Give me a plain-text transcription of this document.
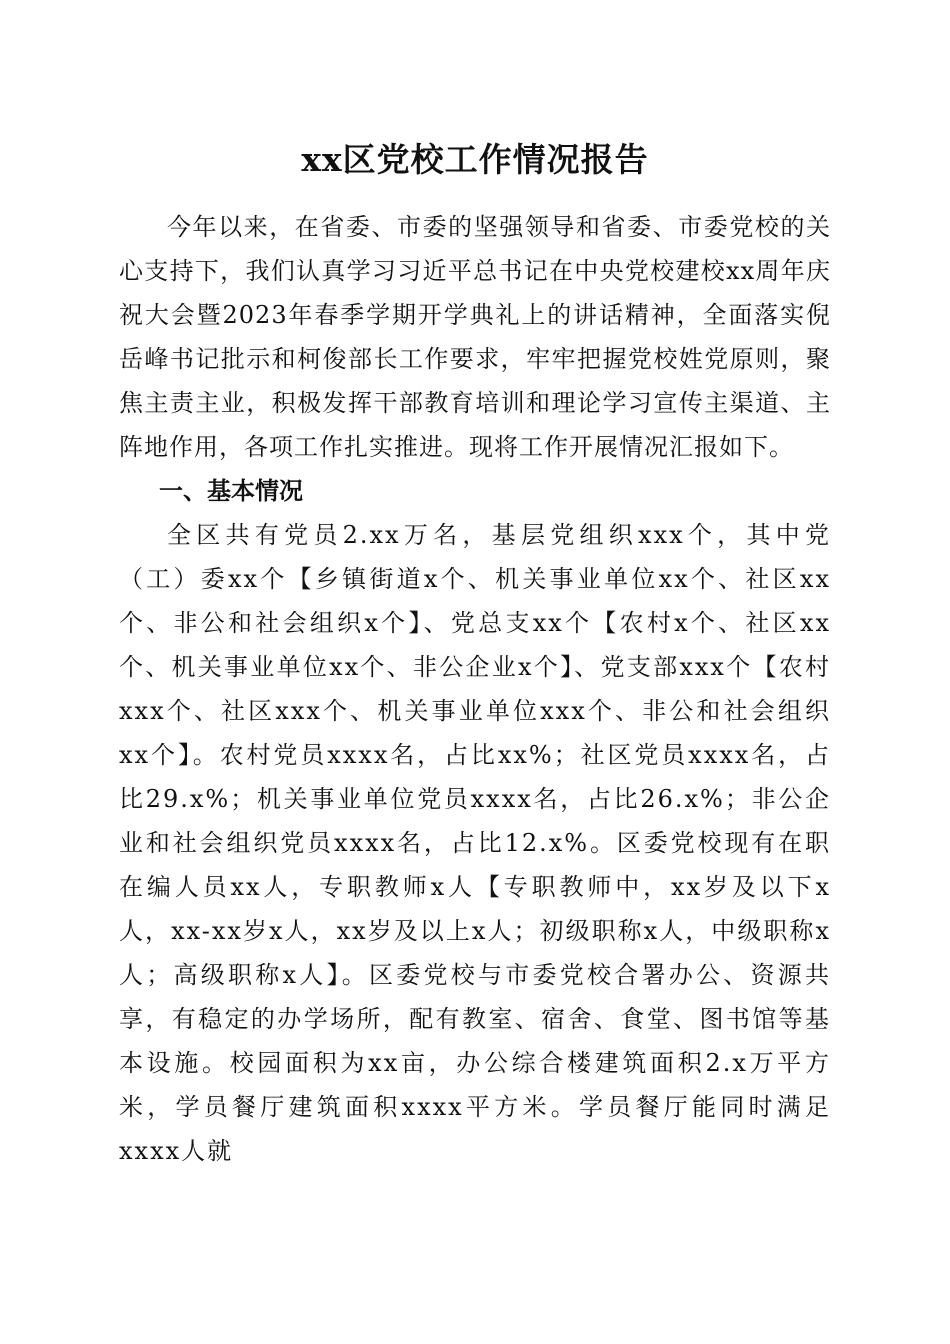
xx区党校工作情况报告

今年以来，在省委、市委的坚强领导和省委、市委党校的关心支持下，我们认真学习习近平总书记在中央党校建校xx周年庆祝大会暨2023年春季学期开学典礼上的讲话精神，全面落实倪岳峰书记批示和柯俊部长工作要求，牢牢把握党校姓党原则，聚焦主责主业，积极发挥干部教育培训和理论学习宣传主渠道、主阵地作用，各项工作扎实推进。现将工作开展情况汇报如下。

一、基本情况

全区共有党员2.xx万名，基层党组织xxx个，其中党（工）委xx个【乡镇街道x个、机关事业单位xx个、社区xx个、非公和社会组织x个】、党总支xx个【农村x个、社区xx个、机关事业单位xx个、非公企业x个】、党支部xxx个【农村xxx个、社区xxx个、机关事业单位xxx个、非公和社会组织xx个】。农村党员xxxx名，占比xx%；社区党员xxxx名，占比29.x%；机关事业单位党员xxxx名，占比26.x%；非公企业和社会组织党员xxxx名，占比12.x%。区委党校现有在职在编人员xx人，专职教师x人【专职教师中，xx岁及以下x人，xx-xx岁x人，xx岁及以上x人；初级职称x人，中级职称x人；高级职称x人】。区委党校与市委党校合署办公、资源共享，有稳定的办学场所，配有教室、宿舍、食堂、图书馆等基本设施。校园面积为xx亩，办公综合楼建筑面积2.x万平方米，学员餐厅建筑面积xxxx平方米。学员餐厅能同时满足xxxx人就
